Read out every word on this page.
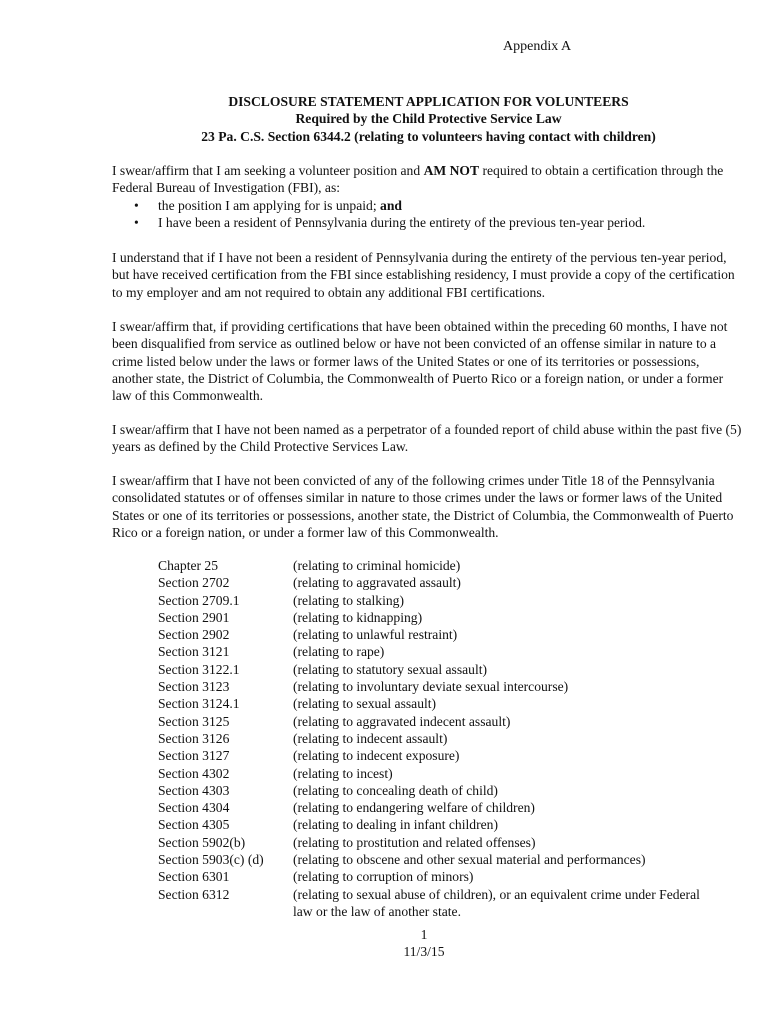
Appendix A
DISCLOSURE STATEMENT APPLICATION FOR VOLUNTEERS
Required by the Child Protective Service Law
23 Pa. C.S. Section 6344.2 (relating to volunteers having contact with children)

I swear/affirm that I am seeking a volunteer position and AM NOT required to obtain a certification through the Federal Bureau of Investigation (FBI), as:

• the position I am applying for is unpaid; and
• I have been a resident of Pennsylvania during the entirety of the previous ten-year period.

I understand that if I have not been a resident of Pennsylvania during the entirety of the pervious ten-year period, but have received certification from the FBI since establishing residency, I must provide a copy of the certification to my employer and am not required to obtain any additional FBI certifications.

I swear/affirm that, if providing certifications that have been obtained within the preceding 60 months, I have not been disqualified from service as outlined below or have not been convicted of an offense similar in nature to a crime listed below under the laws or former laws of the United States or one of its territories or possessions, another state, the District of Columbia, the Commonwealth of Puerto Rico or a foreign nation, or under a former law of this Commonwealth.

I swear/affirm that I have not been named as a perpetrator of a founded report of child abuse within the past five (5) years as defined by the Child Protective Services Law.

I swear/affirm that I have not been convicted of any of the following crimes under Title 18 of the Pennsylvania consolidated statutes or of offenses similar in nature to those crimes under the laws or former laws of the United States or one of its territories or possessions, another state, the District of Columbia, the Commonwealth of Puerto Rico or a foreign nation, or under a former law of this Commonwealth.

Chapter 25	(relating to criminal homicide)
Section 2702	(relating to aggravated assault)
Section 2709.1	(relating to stalking)
Section 2901	(relating to kidnapping)
Section 2902	(relating to unlawful restraint)
Section 3121	(relating to rape)
Section 3122.1	(relating to statutory sexual assault)
Section 3123	(relating to involuntary deviate sexual intercourse)
Section 3124.1	(relating to sexual assault)
Section 3125	(relating to aggravated indecent assault)
Section 3126	(relating to indecent assault)
Section 3127	(relating to indecent exposure)
Section 4302	(relating to incest)
Section 4303	(relating to concealing death of child)
Section 4304	(relating to endangering welfare of children)
Section 4305	(relating to dealing in infant children)
Section 5902(b)	(relating to prostitution and related offenses)
Section 5903(c) (d)	(relating to obscene and other sexual material and performances)
Section 6301	(relating to corruption of minors)
Section 6312	(relating to sexual abuse of children), or an equivalent crime under Federal law or the law of another state.
1
11/3/15
